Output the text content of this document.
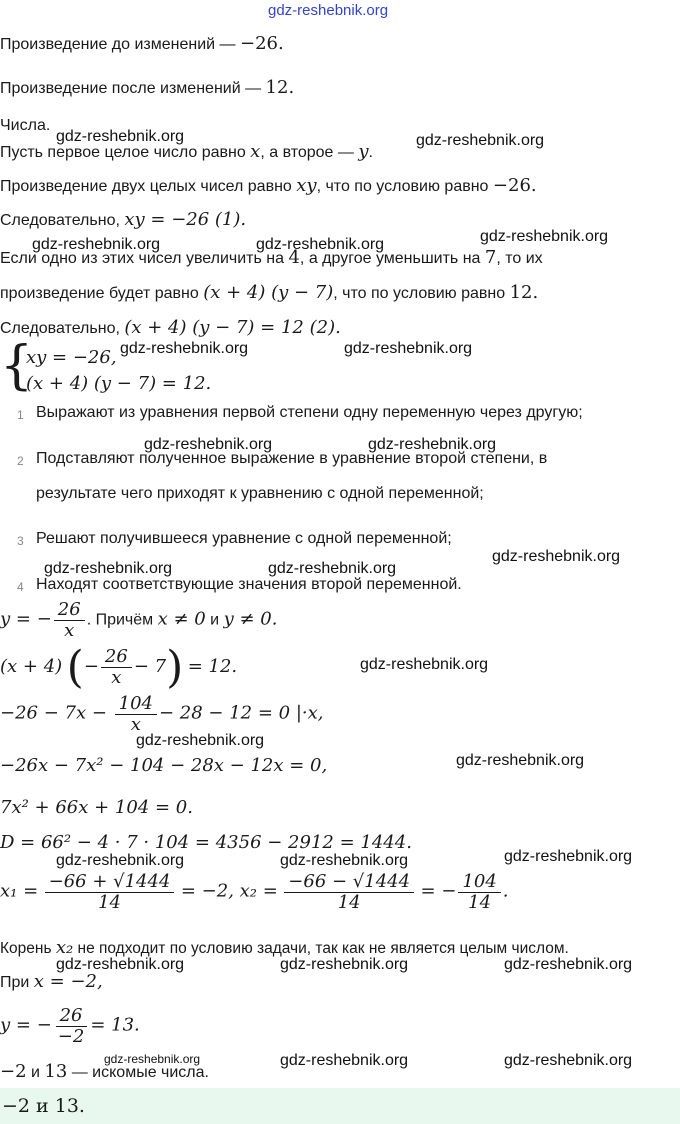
gdz-reshebnik.org
Произведение до изменений — −26.
Произведение после изменений — 12.
Числа.
gdz-reshebnik.org	gdz-reshebnik.org
Пусть первое целое число равно x, а второе — y.
Произведение двух целых чисел равно xy, что по условию равно −26.
Следовательно, xy = −26 (1).
gdz-reshebnik.org	gdz-reshebnik.org	gdz-reshebnik.org
Если одно из этих чисел увеличить на 4, а другое уменьшить на 7, то их
произведение будет равно (x + 4) (y − 7), что по условию равно 12.
Следовательно, (x + 4) (y − 7) = 12 (2).
{
xy = −26,
(x + 4) (y − 7) = 12.
gdz-reshebnik.org	gdz-reshebnik.org
1 Выражают из уравнения первой степени одну переменную через другую;
gdz-reshebnik.org	gdz-reshebnik.org
2 Подставляют полученное выражение в уравнение второй степени, в
результате чего приходят к уравнению с одной переменной;
3 Решают получившееся уравнение с одной переменной;
gdz-reshebnik.org
gdz-reshebnik.org	gdz-reshebnik.org
4 Находят соответствующие значения второй переменной.
y = − $\frac{26}{x}$ . Причём x ≠ 0 и y ≠ 0.
(x + 4) (− $\frac{26}{x} - 7) = 12$.	gdz-reshebnik.org
$-26 - 7x - \frac{104}{x} - 28 - 12 = 0$ |·x,
gdz-reshebnik.org
−26x − 7x² − 104 − 28x − 12x = 0,	gdz-reshebnik.org
7x² + 66x + 104 = 0.
D = 66² − 4 · 7 · 104 = 4356 − 2912 = 1444.
gdz-reshebnik.org	gdz-reshebnik.org	gdz-reshebnik.org
$x_1 = \frac{-66 + √1444}{14} = -2$, $x_2 = \frac{-66 - √1444}{14}$ = − $\frac{104}{14}$ .
Корень x₂ не подходит по условию задачи, так как не является целым числом.
gdz-reshebnik.org	gdz-reshebnik.org	gdz-reshebnik.org
При x = −2,
y = − $\frac{26}{-2} = 13$.
gdz-reshebnik.org	gdz-reshebnik.org	gdz-reshebnik.org
−2 и 13 — искомые числа.
−2 и 13.
